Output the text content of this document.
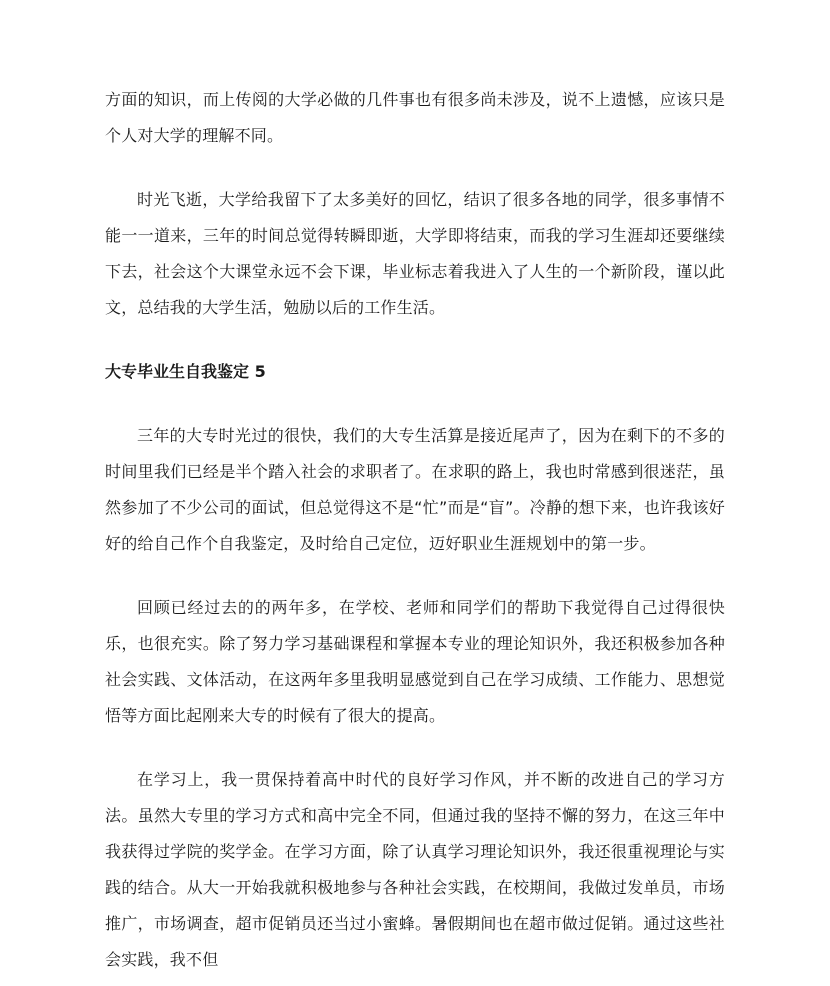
方面的知识，而上传阅的大学必做的几件事也有很多尚未涉及，说不上遗憾，应该只是个人对大学的理解不同。

时光飞逝，大学给我留下了太多美好的回忆，结识了很多各地的同学，很多事情不能一一道来，三年的时间总觉得转瞬即逝，大学即将结束，而我的学习生涯却还要继续下去，社会这个大课堂永远不会下课，毕业标志着我进入了人生的一个新阶段，谨以此文，总结我的大学生活，勉励以后的工作生活。

大专毕业生自我鉴定 5

三年的大专时光过的很快，我们的大专生活算是接近尾声了，因为在剩下的不多的时间里我们已经是半个踏入社会的求职者了。在求职的路上，我也时常感到很迷茫，虽然参加了不少公司的面试，但总觉得这不是“忙”而是“盲”。冷静的想下来，也许我该好好的给自己作个自我鉴定，及时给自己定位，迈好职业生涯规划中的第一步。

回顾已经过去的的两年多，在学校、老师和同学们的帮助下我觉得自己过得很快乐，也很充实。除了努力学习基础课程和掌握本专业的理论知识外，我还积极参加各种社会实践、文体活动，在这两年多里我明显感觉到自己在学习成绩、工作能力、思想觉悟等方面比起刚来大专的时候有了很大的提高。

在学习上，我一贯保持着高中时代的良好学习作风，并不断的改进自己的学习方法。虽然大专里的学习方式和高中完全不同，但通过我的坚持不懈的努力，在这三年中我获得过学院的奖学金。在学习方面，除了认真学习理论知识外，我还很重视理论与实践的结合。从大一开始我就积极地参与各种社会实践，在校期间，我做过发单员，市场推广，市场调查，超市促销员还当过小蜜蜂。暑假期间也在超市做过促销。通过这些社会实践，我不但
